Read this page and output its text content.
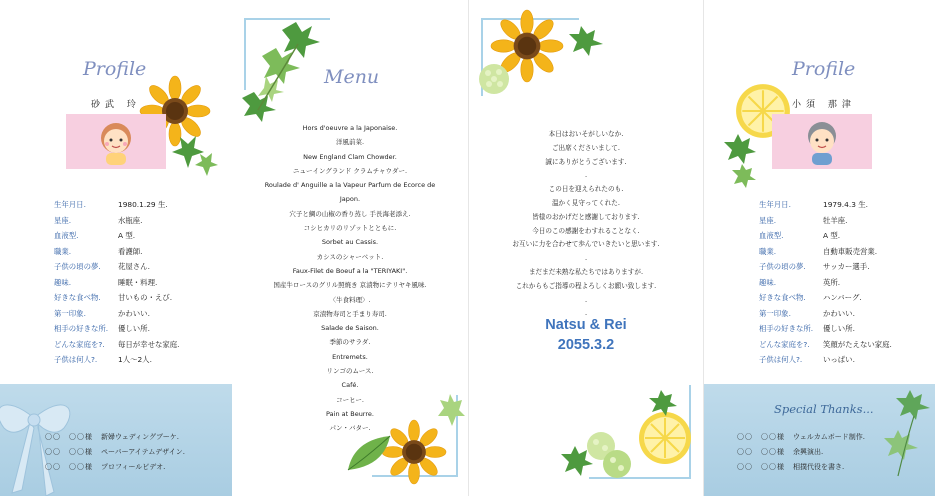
Profile
砂武 玲
生年月日.	1980.1.29 生.
星座.	水瓶座.
血液型.	A 型.
職業.	看護師.
子供の頃の夢.	花屋さん.
趣味.	睡眠・料理.
好きな食べ物.	甘いもの・えび.
第一印象.	かわいい.
相手の好きな所.	優しい所.
どんな家庭を?.	毎日が幸せな家庭.
子供は何人?.	1人〜2人.
〇〇　〇〇様	新婦ウェディングブーケ.
〇〇　〇〇様	ペーパーアイテムデザイン.
〇〇　〇〇様	プロフィールビデオ.
Menu
Hors d'oeuvre a la Japonaise.
洋風前菜.
New England Clam Chowder.
ニューイングランド クラムチャウダー.
Roulade d' Anguille a la Vapeur Parfum de Ecorce de
Japon.
穴子と鯛の山椒の香り蒸し 手長海老添え.
コシヒカリのリゾットとともに.
Sorbet au Cassis.
カシスのシャーベット.
Faux-Filet de Boeuf a la "TERIYAKI".
国産牛ロースのグリル照焼き 京漬物にテリヤキ風味.
〈牛食料理〉.
京漬物寿司と手まり寿司.
Salade de Saison.
季節のサラダ.
Entremets.
リンゴのムース.
Café.
コーヒー.
Pain at Beurre.
パン・バター.
本日はおいそがしいなか.
ご出席くださいまして.
誠にありがとうございます.
.
この日を迎えられたのも.
温かく見守ってくれた.
皆様のおかげだと感謝しております.
今日のこの感謝をわすれることなく.
お互いに力を合わせて歩んでいきたいと思います.
.
まだまだ未熟な私たちではありますが.
これからもご指導の程よろしくお願い致します.
.
.
Natsu & Rei
2055.3.2
Profile
小須 那津
生年月日.	1979.4.3 生.
星座.	牡羊座.
血液型.	A 型.
職業.	自動車販売営業.
子供の頃の夢.	サッカー選手.
趣味.	英所.
好きな食べ物.	ハンバーグ.
第一印象.	かわいい.
相手の好きな所.	優しい所.
どんな家庭を?.	笑顔がたえない家庭.
子供は何人?.	いっぱい.
Special Thanks...
〇〇　〇〇様	ウェルカムボード制作.
〇〇　〇〇様	余興演出.
〇〇　〇〇様	相撲代役を書き.
